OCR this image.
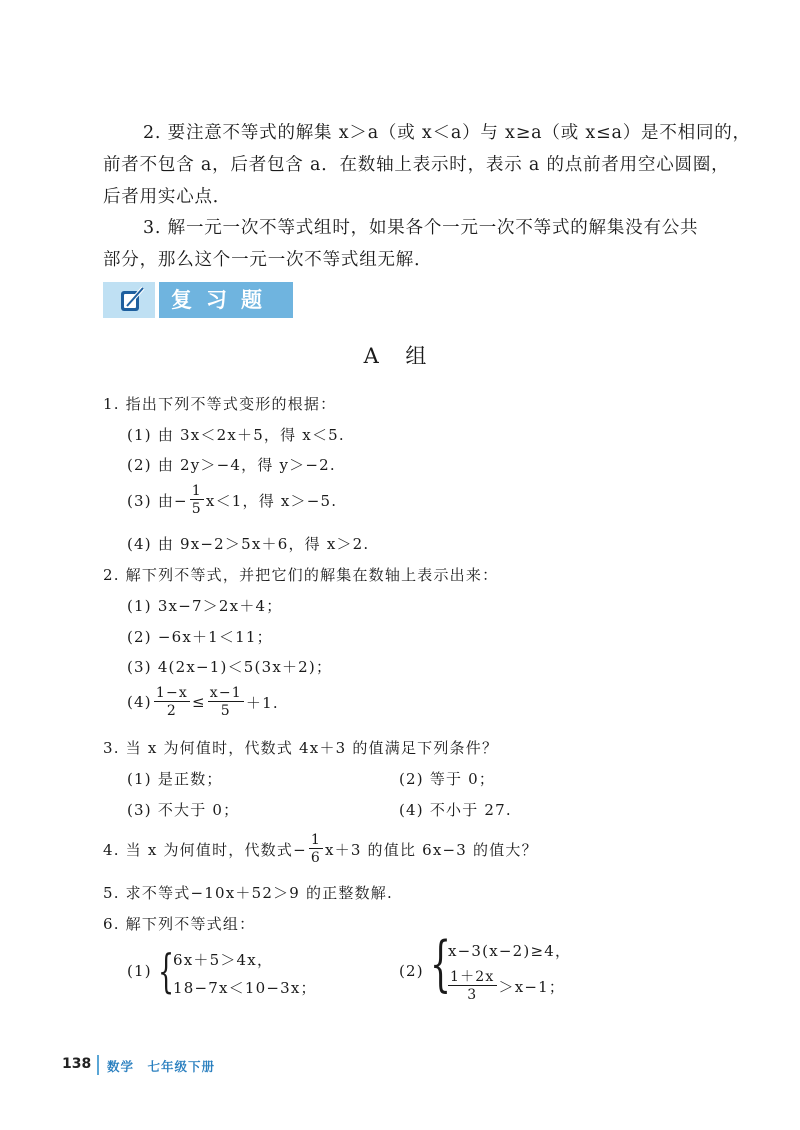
2. 要注意不等式的解集 x＞a（或 x＜a）与 x≥a（或 x≤a）是不相同的，
前者不包含 a，后者包含 a．在数轴上表示时，表示 a 的点前者用空心圆圈，
后者用实心点．
3. 解一元一次不等式组时，如果各个一元一次不等式的解集没有公共
部分，那么这个一元一次不等式组无解．
复习题
A 组
1. 指出下列不等式变形的根据：
(1) 由 3x＜2x＋5，得 x＜5.
(2) 由 2y＞−4，得 y＞−2.
(3) 由− $\frac{1}{5} x<1$，得 x＞−5.
(4) 由 9x−2＞5x＋6，得 x＞2.
2. 解下列不等式，并把它们的解集在数轴上表示出来：
(1) 3x−7＞2x＋4；
(2) −6x＋1＜11；
(3) 4(2x−1)＜5(3x＋2)；
$(4) \frac{1-x}{2} \le \frac{x-1}{5} +1$.
3. 当 x 为何值时，代数式 4x＋3 的值满足下列条件？
(1) 是正数；	(2) 等于 0；
(3) 不大于 0；	(4) 不小于 27.
4. 当 x 为何值时，代数式− $\frac{1}{6} x+3$ 的值比 6x−3 的值大？
5. 求不等式−10x＋52＞9 的正整数解.
6. 解下列不等式组：
(1) {
6x＋5＞4x，
18−7x＜10−3x；
(2) {
x−3(x−2)≥4，
$\frac{1+2x}{3} >x-1$；
138 数学　七年级下册
